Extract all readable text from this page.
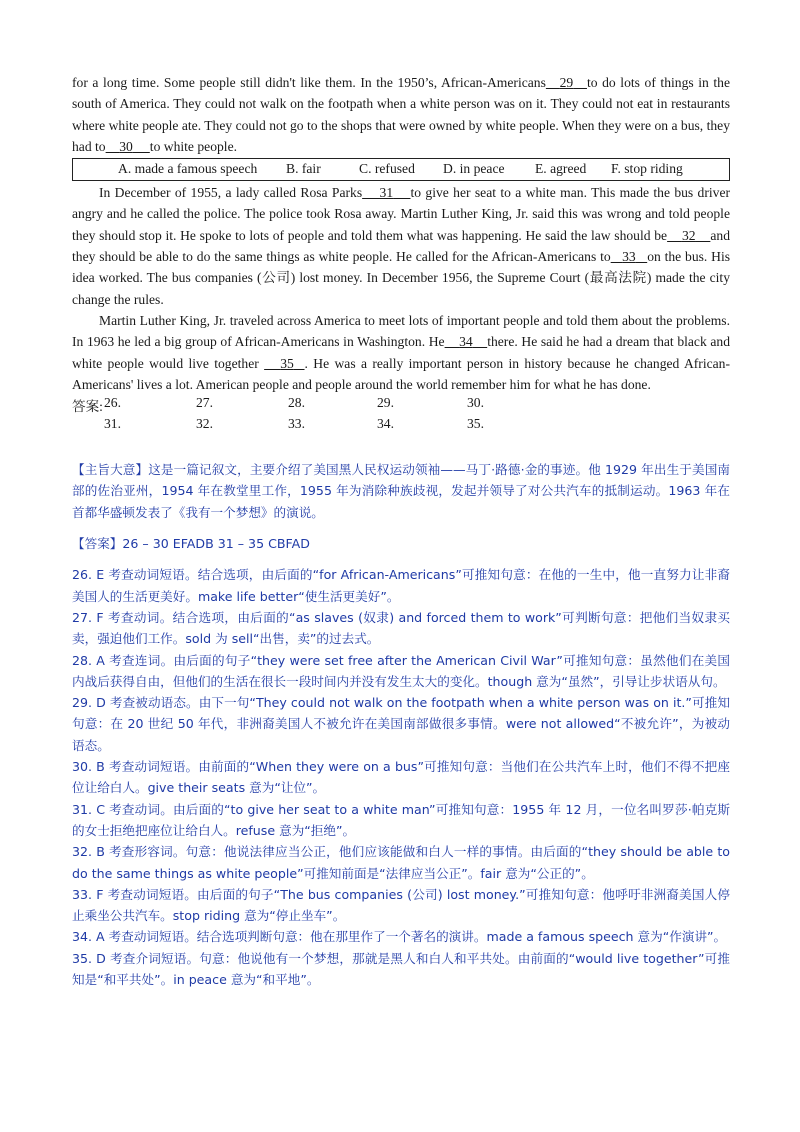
for a long time. Some people still didn't like them. In the 1950’s, African-Americans 29 to do lots of things in the south of America. They could not walk on the footpath when a white person was on it. They could not eat in restaurants where white people ate. They could not go to the shops that were owned by white people. When they were on a bus, they had to 30 to white people.

A. made a famous speech B. fair	C. refused D. in peace E. agreed F. stop riding

In December of 1955, a lady called Rosa Parks 31 to give her seat to a white man. This made the bus driver angry and he called the police. The police took Rosa away. Martin Luther King, Jr. said this was wrong and told people they should stop it. He spoke to lots of people and told them what was happening. He said the law should be 32 and they should be able to do the same things as white people. He called for the African-Americans to 33 on the bus. His idea worked. The bus companies (公司) lost money. In December 1956, the Supreme Court (最高法院) made the city change the rules.

Martin Luther King, Jr. traveled across America to meet lots of important people and told them about the problems. In 1963 he led a big group of African-Americans in Washington. He 34 there. He said he had a dream that black and white people would live together 35 . He was a really important person in history because he changed African-Americans' lives a lot. American people and people around the world remember him for what he has done.

答案: 26.	27.	28.	29.	30.
31.	32.	33.	34.	35.

【主旨大意】这是一篇记叙文，主要介绍了美国黑人民权运动领袖——马丁·路德·金的事迹。他 1929 年出生于美国南部的佐治亚州，1954 年在教堂里工作，1955 年为消除种族歧视，发起并领导了对公共汽车的抵制运动。1963 年在首都华盛顿发表了《我有一个梦想》的演说。

【答案】26 – 30 EFADB 31 – 35 CBFAD

26. E 考查动词短语。结合选项，由后面的“for African-Americans”可推知句意：在他的一生中，他一直努力让非裔美国人的生活更美好。make life better“使生活更美好”。

27. F 考查动词。结合选项，由后面的“as slaves (奴隶) and forced them to work”可判断句意：把他们当奴隶买卖，强迫他们工作。sold 为 sell“出售，卖”的过去式。

28. A 考查连词。由后面的句子“they were set free after the American Civil War”可推知句意：虽然他们在美国内战后获得自由，但他们的生活在很长一段时间内并没有发生太大的变化。though 意为“虽然”，引导让步状语从句。

29. D 考查被动语态。由下一句“They could not walk on the footpath when a white person was on it.”可推知句意：在 20 世纪 50 年代，非洲裔美国人不被允许在美国南部做很多事情。were not allowed“不被允许”，为被动语态。

30. B 考查动词短语。由前面的“When they were on a bus”可推知句意：当他们在公共汽车上时，他们不得不把座位让给白人。give their seats 意为“让位”。

31. C 考查动词。由后面的“to give her seat to a white man”可推知句意：1955 年 12 月，一位名叫罗莎·帕克斯的女士拒绝把座位让给白人。refuse 意为“拒绝”。

32. B 考查形容词。句意：他说法律应当公正，他们应该能做和白人一样的事情。由后面的“they should be able to do the same things as white people”可推知前面是“法律应当公正”。fair 意为“公正的”。

33. F 考查动词短语。由后面的句子“The bus companies (公司) lost money.”可推知句意：他呼吁非洲裔美国人停止乘坐公共汽车。stop riding 意为“停止坐车”。

34. A 考查动词短语。结合选项判断句意：他在那里作了一个著名的演讲。made a famous speech 意为“作演讲”。

35. D 考查介词短语。句意：他说他有一个梦想，那就是黑人和白人和平共处。由前面的“would live together”可推知是“和平共处”。in peace 意为“和平地”。
